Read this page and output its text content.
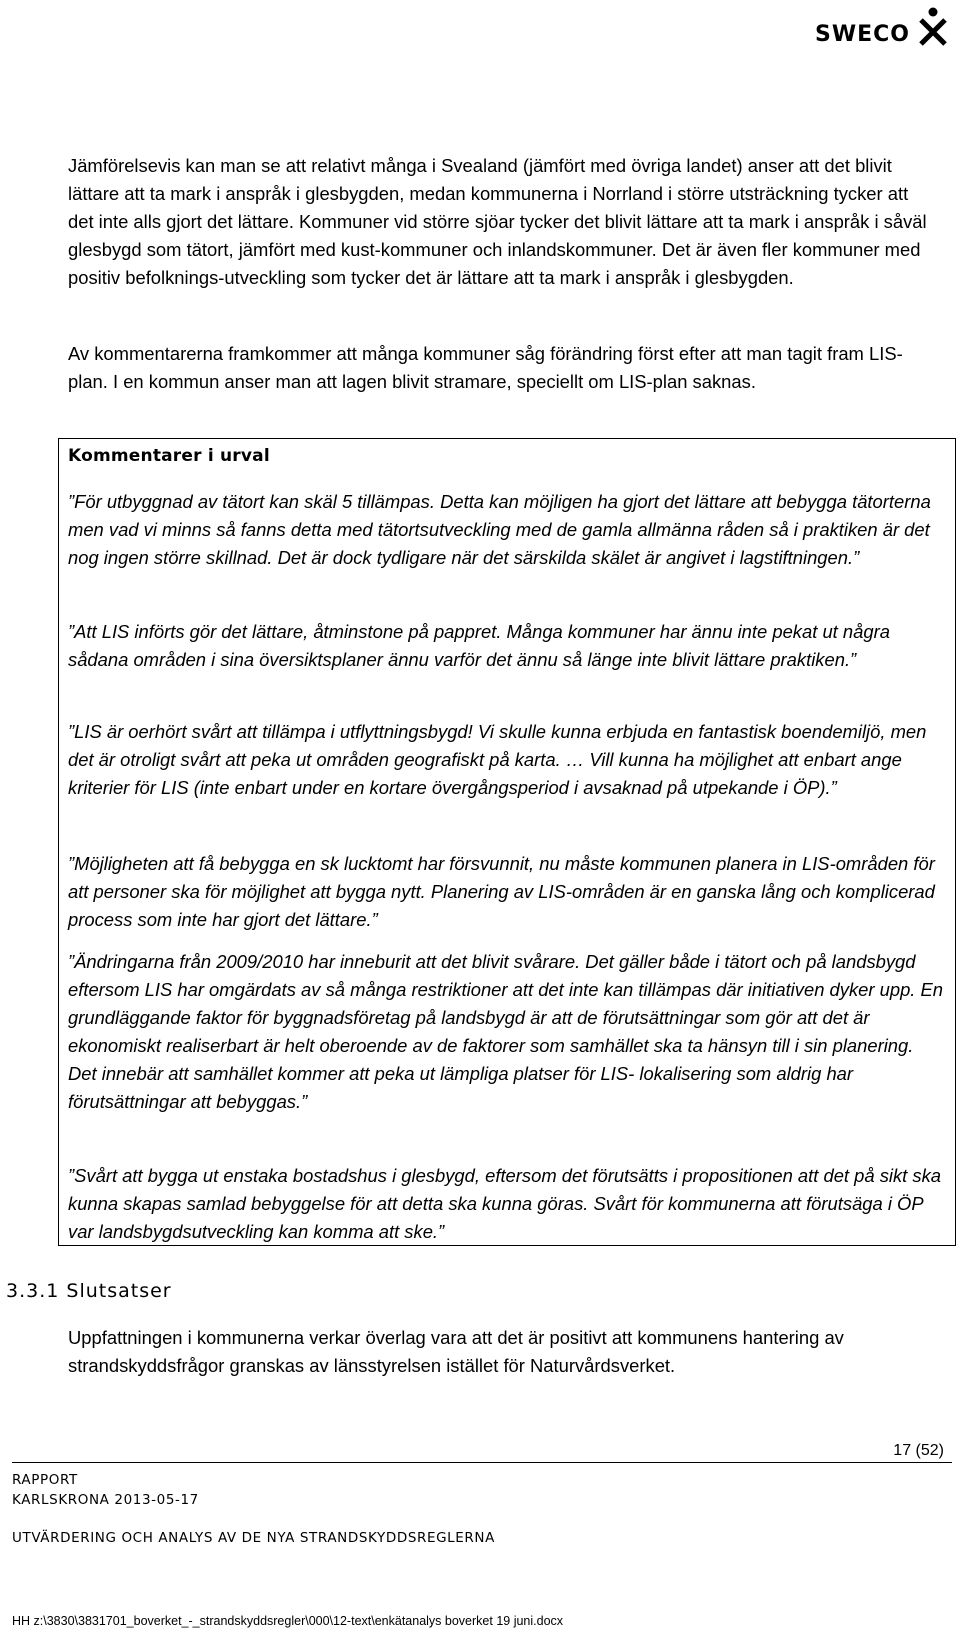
SWECO

Jämförelsevis kan man se att relativt många i Svealand (jämfört med övriga landet) anser att det blivit lättare att ta mark i anspråk i glesbygden, medan kommunerna i Norrland i större utsträckning tycker att det inte alls gjort det lättare. Kommuner vid större sjöar tycker det blivit lättare att ta mark i anspråk i såväl glesbygd som tätort, jämfört med kust-kommuner och inlandskommuner. Det är även fler kommuner med positiv befolknings-utveckling som tycker det är lättare att ta mark i anspråk i glesbygden.

Av kommentarerna framkommer att många kommuner såg förändring först efter att man tagit fram LIS-plan. I en kommun anser man att lagen blivit stramare, speciellt om LIS-plan saknas.

Kommentarer i urval

”För utbyggnad av tätort kan skäl 5 tillämpas. Detta kan möjligen ha gjort det lättare att bebygga tätorterna men vad vi minns så fanns detta med tätortsutveckling med de gamla allmänna råden så i praktiken är det nog ingen större skillnad. Det är dock tydligare när det särskilda skälet är angivet i lagstiftningen.”

”Att LIS införts gör det lättare, åtminstone på pappret. Många kommuner har ännu inte pekat ut några sådana områden i sina översiktsplaner ännu varför det ännu så länge inte blivit lättare praktiken.”

”LIS är oerhört svårt att tillämpa i utflyttningsbygd! Vi skulle kunna erbjuda en fantastisk boendemiljö, men det är otroligt svårt att peka ut områden geografiskt på karta. … Vill kunna ha möjlighet att enbart ange kriterier för LIS (inte enbart under en kortare övergångsperiod i avsaknad på utpekande i ÖP).”

”Möjligheten att få bebygga en sk lucktomt har försvunnit, nu måste kommunen planera in LIS-områden för att personer ska för möjlighet att bygga nytt. Planering av LIS-områden är en ganska lång och komplicerad process som inte har gjort det lättare.”

”Ändringarna från 2009/2010 har inneburit att det blivit svårare. Det gäller både i tätort och på landsbygd eftersom LIS har omgärdats av så många restriktioner att det inte kan tillämpas där initiativen dyker upp. En grundläggande faktor för byggnadsföretag på landsbygd är att de förutsättningar som gör att det är ekonomiskt realiserbart är helt oberoende av de faktorer som samhället ska ta hänsyn till i sin planering. Det innebär att samhället kommer att peka ut lämpliga platser för LIS- lokalisering som aldrig har förutsättningar att bebyggas.”

”Svårt att bygga ut enstaka bostadshus i glesbygd, eftersom det förutsätts i propositionen att det på sikt ska kunna skapas samlad bebyggelse för att detta ska kunna göras. Svårt för kommunerna att förutsäga i ÖP var landsbygdsutveckling kan komma att ske.”

3.3.1 Slutsatser

Uppfattningen i kommunerna verkar överlag vara att det är positivt att kommunens hantering av strandskyddsfrågor granskas av länsstyrelsen istället för Naturvårdsverket.

17 (52)
RAPPORT
KARLSKRONA 2013-05-17
UTVÄRDERING OCH ANALYS AV DE NYA STRANDSKYDDSREGLERNA
HH z:\3830\3831701_boverket_-_strandskyddsregler\000\12-text\enkätanalys boverket 19 juni.docx
